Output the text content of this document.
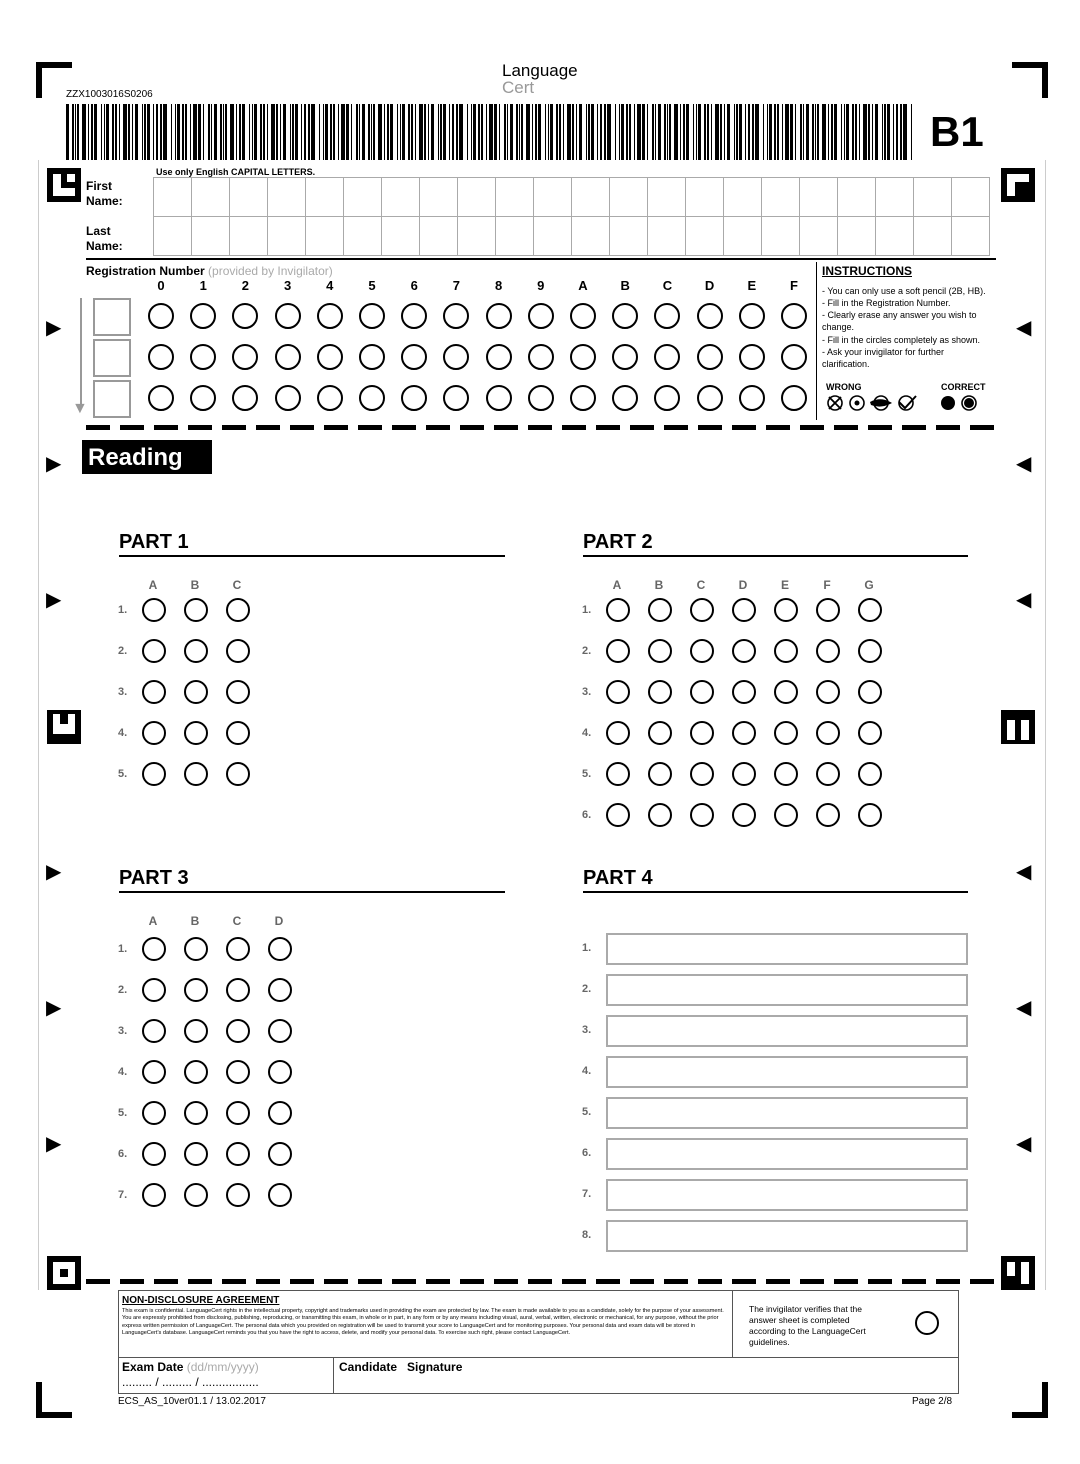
ZZX1003016S0206
Language
Cert
B1
▶	◀
▶	◀
▶	◀
▶	◀
▶	◀
▶	◀
Use only English CAPITAL LETTERS.
First
Name:
Last
Name:
Registration Number (provided by Invigilator)
0	1	2	3	4	5	6	7	8	9	A	B	C	D	E	F
▼
INSTRUCTIONS
- You can only use a soft pencil (2B, HB).
- Fill in the Registration Number.
- Clearly erase any answer you wish to change.
- Fill in the circles completely as shown.
- Ask your invigilator for further clarification.
WRONG	CORRECT
Reading
PART 1	PART 2
PART 3	PART 4
A	B	C
1.
2.
3.
4.
5.
A	B	C	D	E	F	G
1.
2.
3.
4.
5.
6.
A	B	C	D
1.
2.
3.
4.
5.
6.
7.
1.
2.
3.
4.
5.
6.
7.
8.
NON-DISCLOSURE AGREEMENT
This exam is confidential. LanguageCert rights in the intellectual property, copyright and trademarks used in providing the exam are protected by law. The exam is made available to you as a candidate, solely for the purpose of your assessment. You are expressly prohibited from disclosing, publishing, reproducing, or transmitting this exam, in whole or in part, in any form or by any means including visual, aural, verbal, written, electronic or mechanical, for any purpose, without the prior express written permission of LanguageCert. The personal data which you provided on registration will be used to transmit your score to LanguageCert and for monitoring purposes. Your personal data and exam data will be stored in LanguageCert's database. LanguageCert reminds you that you have the right to access, delete, and modify your personal data. To exercise such right, please contact LanguageCert.
The invigilator verifies that the answer sheet is completed according to the LanguageCert guidelines.
Exam Date (dd/mm/yyyy)
......... / ......... / .................
Candidate Signature
ECS_AS_10ver01.1 / 13.02.2017	Page 2/8
